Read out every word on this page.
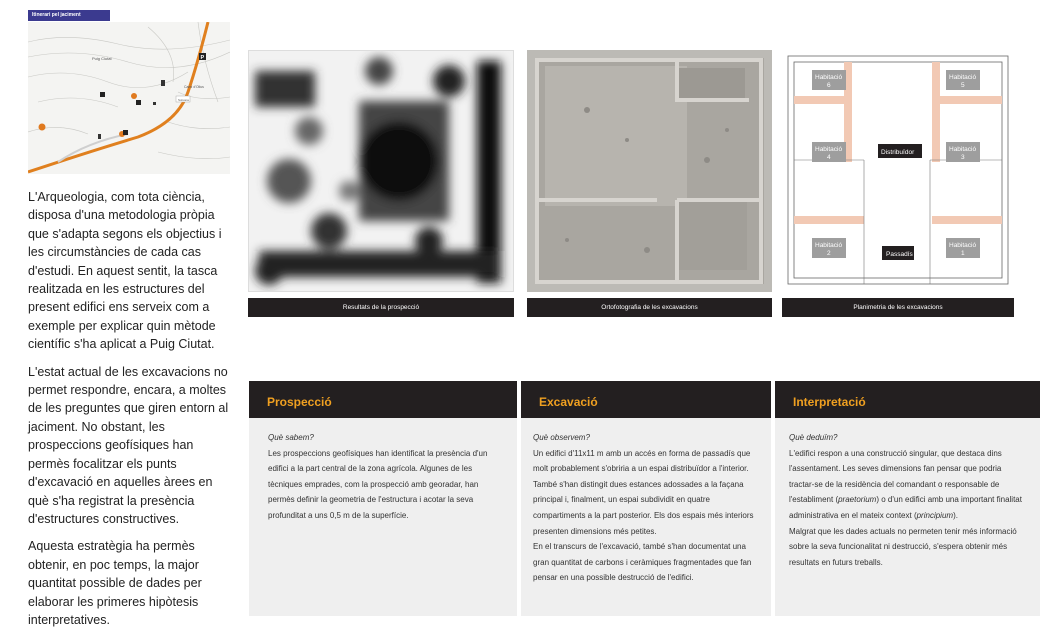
Itinerari pel jaciment
Puig Ciutat
Camí d'Olius
Solsona
P

L'Arqueologia, com tota ciència, disposa d'una metodologia pròpia que s'adapta segons els objectius i les circumstàncies de cada cas d'estudi. En aquest sentit, la tasca realitzada en les estructures del present edifici ens serveix com a exemple per explicar quin mètode científic s'ha aplicat a Puig Ciutat.

L'estat actual de les excavacions no permet respondre, encara, a moltes de les preguntes que giren entorn al jaciment. No obstant, les prospeccions geofísiques han permès focalitzar els punts d'excavació en aquelles àrees en què s'ha registrat la presència d'estructures constructives.

Aquesta estratègia ha permès obtenir, en poc temps, la major quantitat possible de dades per elaborar les primeres hipòtesis interpretatives.

Habitació
6
Habitació
5
Habitació
4
Habitació
3
Habitació
2
Habitació
1
Distribuïdor
Passadís
Resultats de la prospecció	Ortofotografia de les excavacions	Planimetria de les excavacions
Prospecció
Què sabem?
Les prospeccions geofísiques han identificat la presència d'un edifici a la part central de la zona agrícola. Algunes de les tècniques emprades, com la prospecció amb georadar, han permès definir la geometria de l'estructura i acotar la seva profunditat a uns 0,5 m de la superfície.
Excavació
Què observem?
Un edifici d'11x11 m amb un accés en forma de passadís que molt probablement s'obriria a un espai distribuïdor a l'interior. També s'han distingit dues estances adossades a la façana principal i, finalment, un espai subdividit en quatre compartiments a la part posterior. Els dos espais més interiors presenten dimensions més petites.
En el transcurs de l'excavació, també s'han documentat una gran quantitat de carbons i ceràmiques fragmentades que fan pensar en una possible destrucció de l'edifici.
Interpretació
Què deduïm?
L'edifici respon a una construcció singular, que destaca dins l'assentament. Les seves dimensions fan pensar que podria tractar-se de la residència del comandant o responsable de l'establiment (praetorium) o d'un edifici amb una important finalitat administrativa en el mateix context (principium).
Malgrat que les dades actuals no permeten tenir més informació sobre la seva funcionalitat ni destrucció, s'espera obtenir més resultats en futurs treballs.
